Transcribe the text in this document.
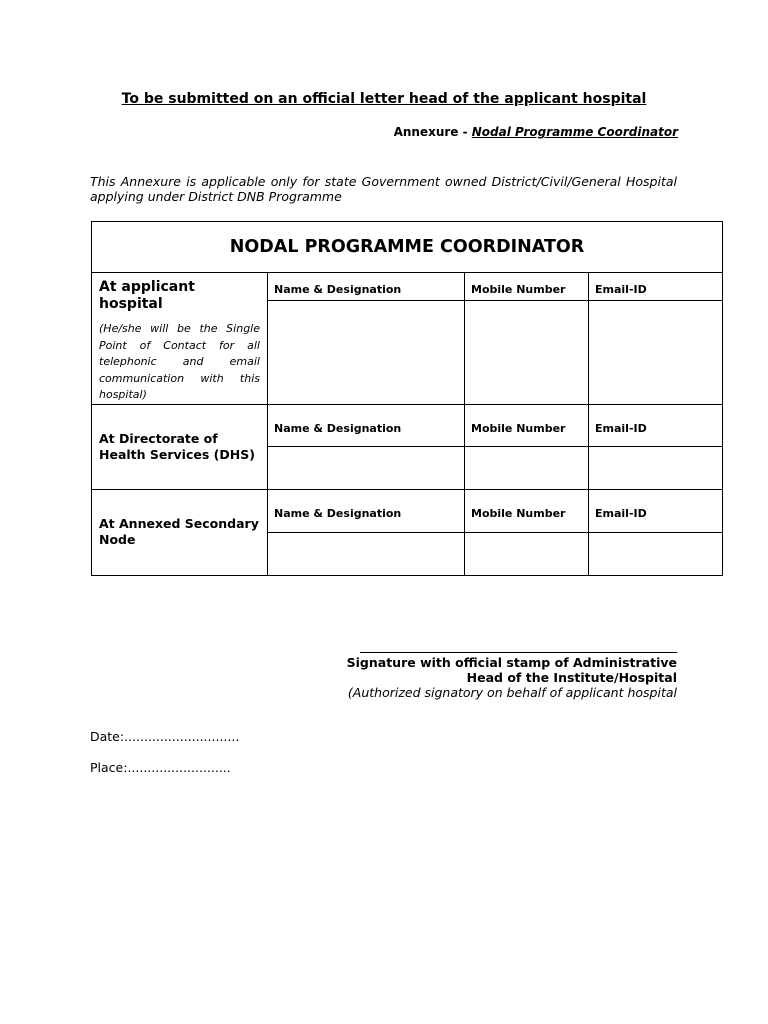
To be submitted on an official letter head of the applicant hospital
Annexure - Nodal Programme Coordinator
This Annexure is applicable only for state Government owned District/Civil/General Hospital applying under District DNB Programme
NODAL PROGRAMME COORDINATOR			

At applicant hospital
(He/she will be the Single Point of Contact for all telephonic and email communication with this hospital)	Name & Designation	Mobile Number	Email-ID

At Directorate of Health Services (DHS)	Name & Designation	Mobile Number	Email-ID

At Annexed Secondary Node	Name & Designation	Mobile Number	Email-ID

Signature with official stamp of Administrative
Head of the Institute/Hospital
(Authorized signatory on behalf of applicant hospital
Date:.............................
Place:..........................
